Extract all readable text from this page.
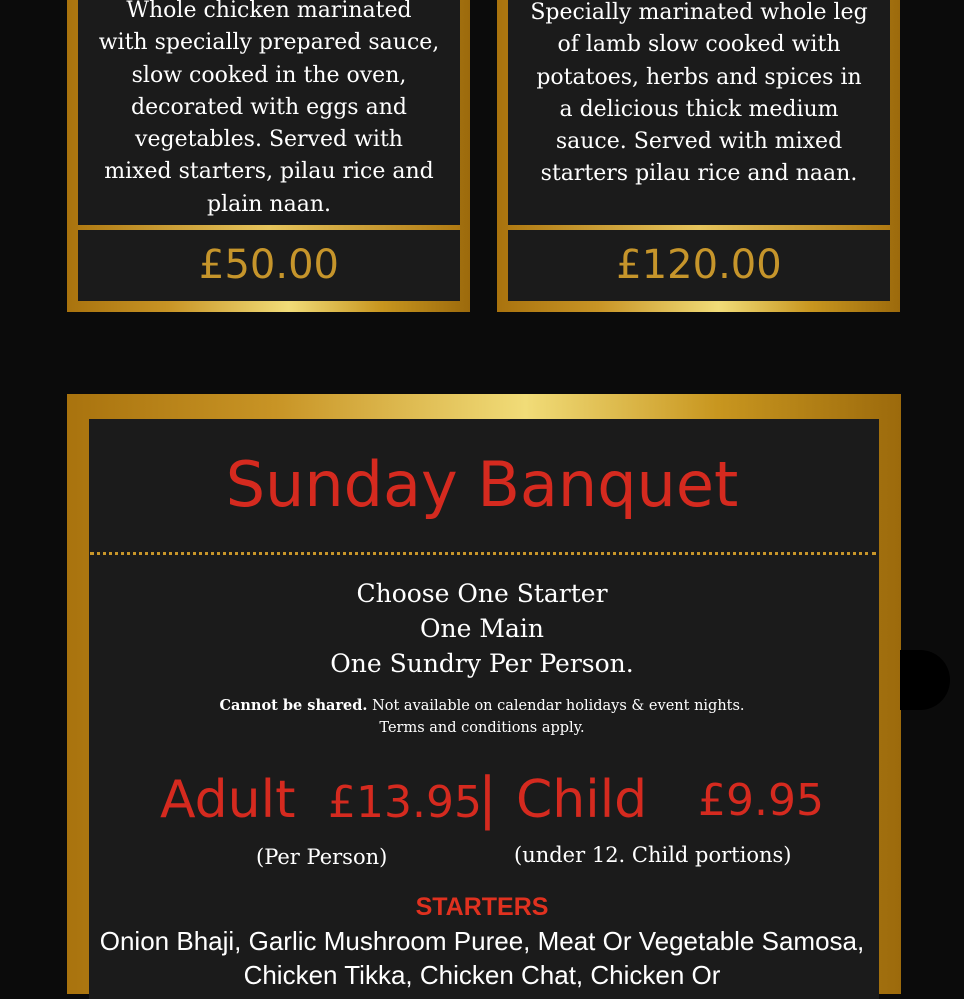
Whole chicken marinated
with specially prepared sauce,
slow cooked in the oven,
decorated with eggs and
vegetables. Served with
mixed starters, pilau rice and
plain naan.
£50.00
Specially marinated whole leg
of lamb slow cooked with
potatoes, herbs and spices in
a delicious thick medium
sauce. Served with mixed
starters pilau rice and naan.
£120.00
Sunday Banquet
Choose One Starter
One Main
One Sundry Per Person.
Cannot be shared. Not available on calendar holidays & event nights. Terms and conditions apply.
Adult £13.95
| Child £9.95
(Per Person)	(under 12. Child portions)
STARTERS
Onion Bhaji, Garlic Mushroom Puree, Meat Or Vegetable Samosa, Chicken Tikka, Chicken Chat, Chicken Or
